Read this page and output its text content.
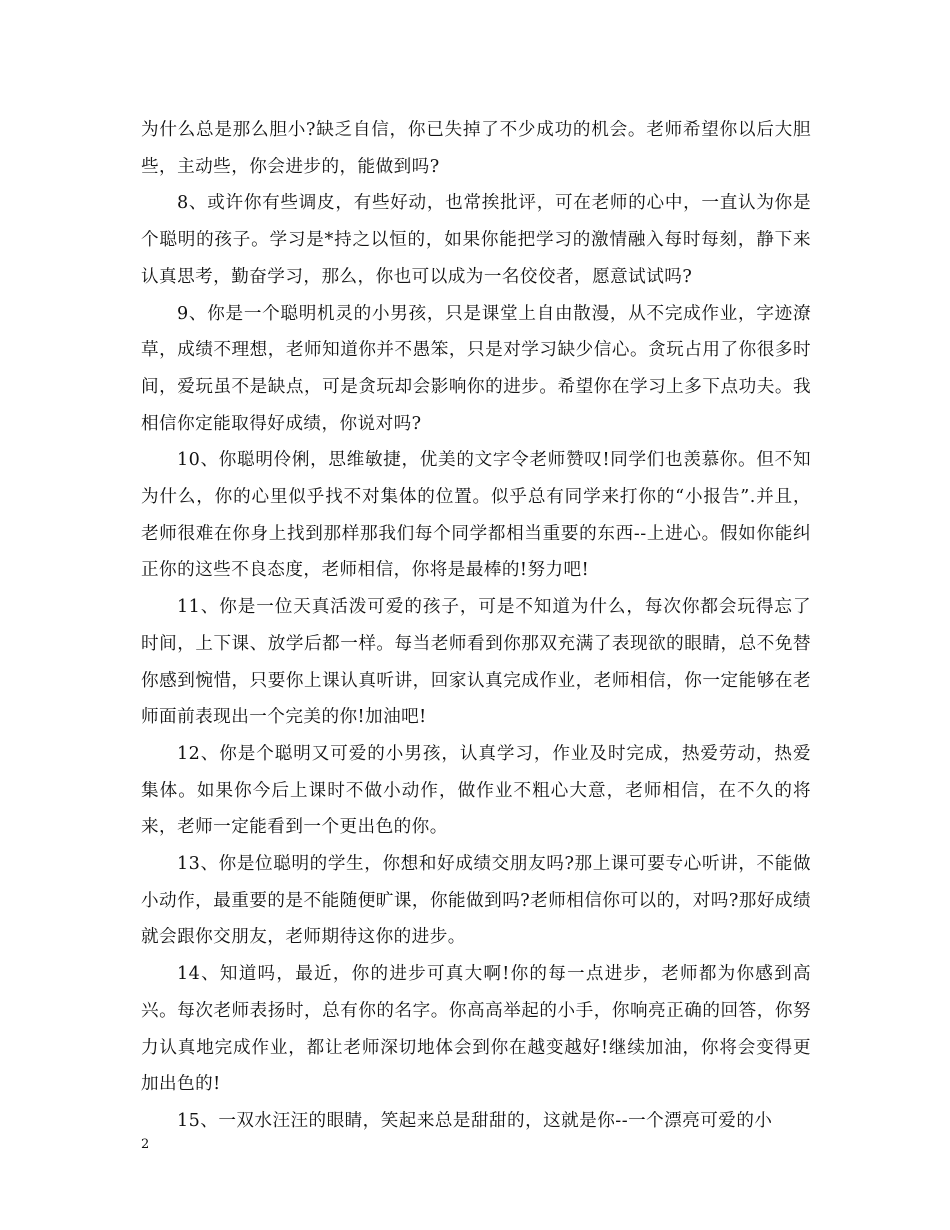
为什么总是那么胆小?缺乏自信，你已失掉了不少成功的机会。老师希望你以后大胆些，主动些，你会进步的，能做到吗?

8、或许你有些调皮，有些好动，也常挨批评，可在老师的心中，一直认为你是个聪明的孩子。学习是*持之以恒的，如果你能把学习的激情融入每时每刻，静下来认真思考，勤奋学习，那么，你也可以成为一名佼佼者，愿意试试吗?

9、你是一个聪明机灵的小男孩，只是课堂上自由散漫，从不完成作业，字迹潦草，成绩不理想，老师知道你并不愚笨，只是对学习缺少信心。贪玩占用了你很多时间，爱玩虽不是缺点，可是贪玩却会影响你的进步。希望你在学习上多下点功夫。我相信你定能取得好成绩，你说对吗?

10、你聪明伶俐，思维敏捷，优美的文字令老师赞叹!同学们也羡慕你。但不知为什么，你的心里似乎找不对集体的位置。似乎总有同学来打你的“小报告”.并且，老师很难在你身上找到那样那我们每个同学都相当重要的东西--上进心。假如你能纠正你的这些不良态度，老师相信，你将是最棒的!努力吧!

11、你是一位天真活泼可爱的孩子，可是不知道为什么，每次你都会玩得忘了时间，上下课、放学后都一样。每当老师看到你那双充满了表现欲的眼睛，总不免替你感到惋惜，只要你上课认真听讲，回家认真完成作业，老师相信，你一定能够在老师面前表现出一个完美的你!加油吧!

12、你是个聪明又可爱的小男孩，认真学习，作业及时完成，热爱劳动，热爱集体。如果你今后上课时不做小动作，做作业不粗心大意，老师相信，在不久的将来，老师一定能看到一个更出色的你。

13、你是位聪明的学生，你想和好成绩交朋友吗?那上课可要专心听讲，不能做小动作，最重要的是不能随便旷课，你能做到吗?老师相信你可以的，对吗?那好成绩就会跟你交朋友，老师期待这你的进步。

14、知道吗，最近，你的进步可真大啊!你的每一点进步，老师都为你感到高兴。每次老师表扬时，总有你的名字。你高高举起的小手，你响亮正确的回答，你努力认真地完成作业，都让老师深切地体会到你在越变越好!继续加油，你将会变得更加出色的!

15、一双水汪汪的眼睛，笑起来总是甜甜的，这就是你--一个漂亮可爱的小

2
